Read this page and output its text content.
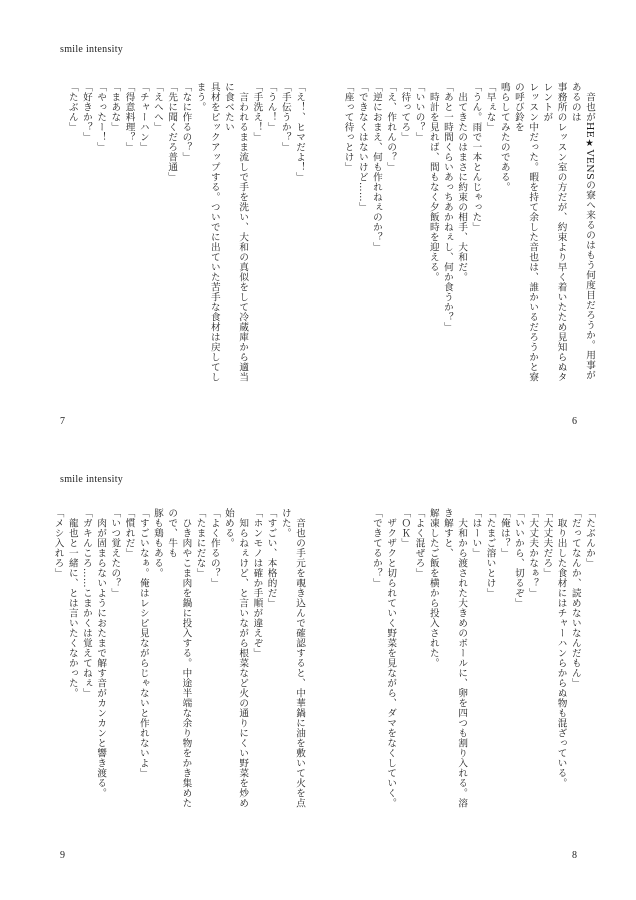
smile intensity

　音也がHE★VENSの寮へ来るのはもう何度目だろうか。用事があるのは

事務所のレッスン室の方だが、約束より早く着いたため見知らぬタレントが

レッスン中だった。暇を持て余した音也は、誰かいるだろうかと寮の呼び鈴を

鳴らしてみたのである。

「早ぇな」

「うん。雨で一本とんじゃった」

　出てきたのはまさに約束の相手、大和だ。

「あと一時間くらいあっちあかねぇし、何か食うか？」

　時計を見れば、間もなく夕飯時を迎える。

「いいの？」

「待ってろ」

「え、作れんの？」

「逆におまえ、何も作れねぇのか？」

「できなくはないけど……」

「座って待っとけ」

「え！、ヒマだよ！」

「手伝うか？」

「うん！」

「手洗え！」

　言われるまま流しで手を洗い、大和の真似をして冷蔵庫から適当に食べたい

具材をピックアップする。ついでに出ていた苦手な食材は戻してしまう。

「なに作るの？」

「先に聞くだろ普通」

「えへへ」

「チャーハン」

「得意料理？」

「まあな」

「やったー！」

「好きか？」

「たぶん」

7	6
smile intensity

「たぶんか」

「だってなんか、読めないなんだもん」

　取り出した食材にはチャーハンらからぬ物も混ざっている。

「大丈夫だろ」

「大丈夫かなぁ？」

「いいから、切るぞ」

「俺は？」

「たまご溶いとけ」

「はーい」

　大和から渡された大きめのボールに、卵を四つも割り入れる。溶き解すと、

解凍したご飯を横から投入された。

「よく混ぜろ」

「ＯＫ」

　ザクザクと切られていく野菜を見ながら、ダマをなくしていく。

「できてるか？」

　音也の手元を覗き込んで確認すると、中華鍋に油を敷いて火を点けた。

「すごい、本格的だ」

「ホンモノは確か手順が違えぞ」

　知らねぇけど、と言いながら根菜など火の通りにくい野菜を炒め始める。

「よく作るの？」

「たまにだな」

　ひき肉やこま肉を鍋に投入する。中途半端な余り物をかき集めたので、牛も

豚も鶏もある。

「すごいなぁ。俺はレシピ見ながらじゃないと作れないよ」

「慣れだ」

「いつ覚えたの？」

　肉が固まらないようにおたまで解す音がカンカンと響き渡る。

「ガキんころ……こまかくは覚えてねぇ」

　龍也と一緒に、とは言いたくなかった。

「メシ入れろ」

9	8
